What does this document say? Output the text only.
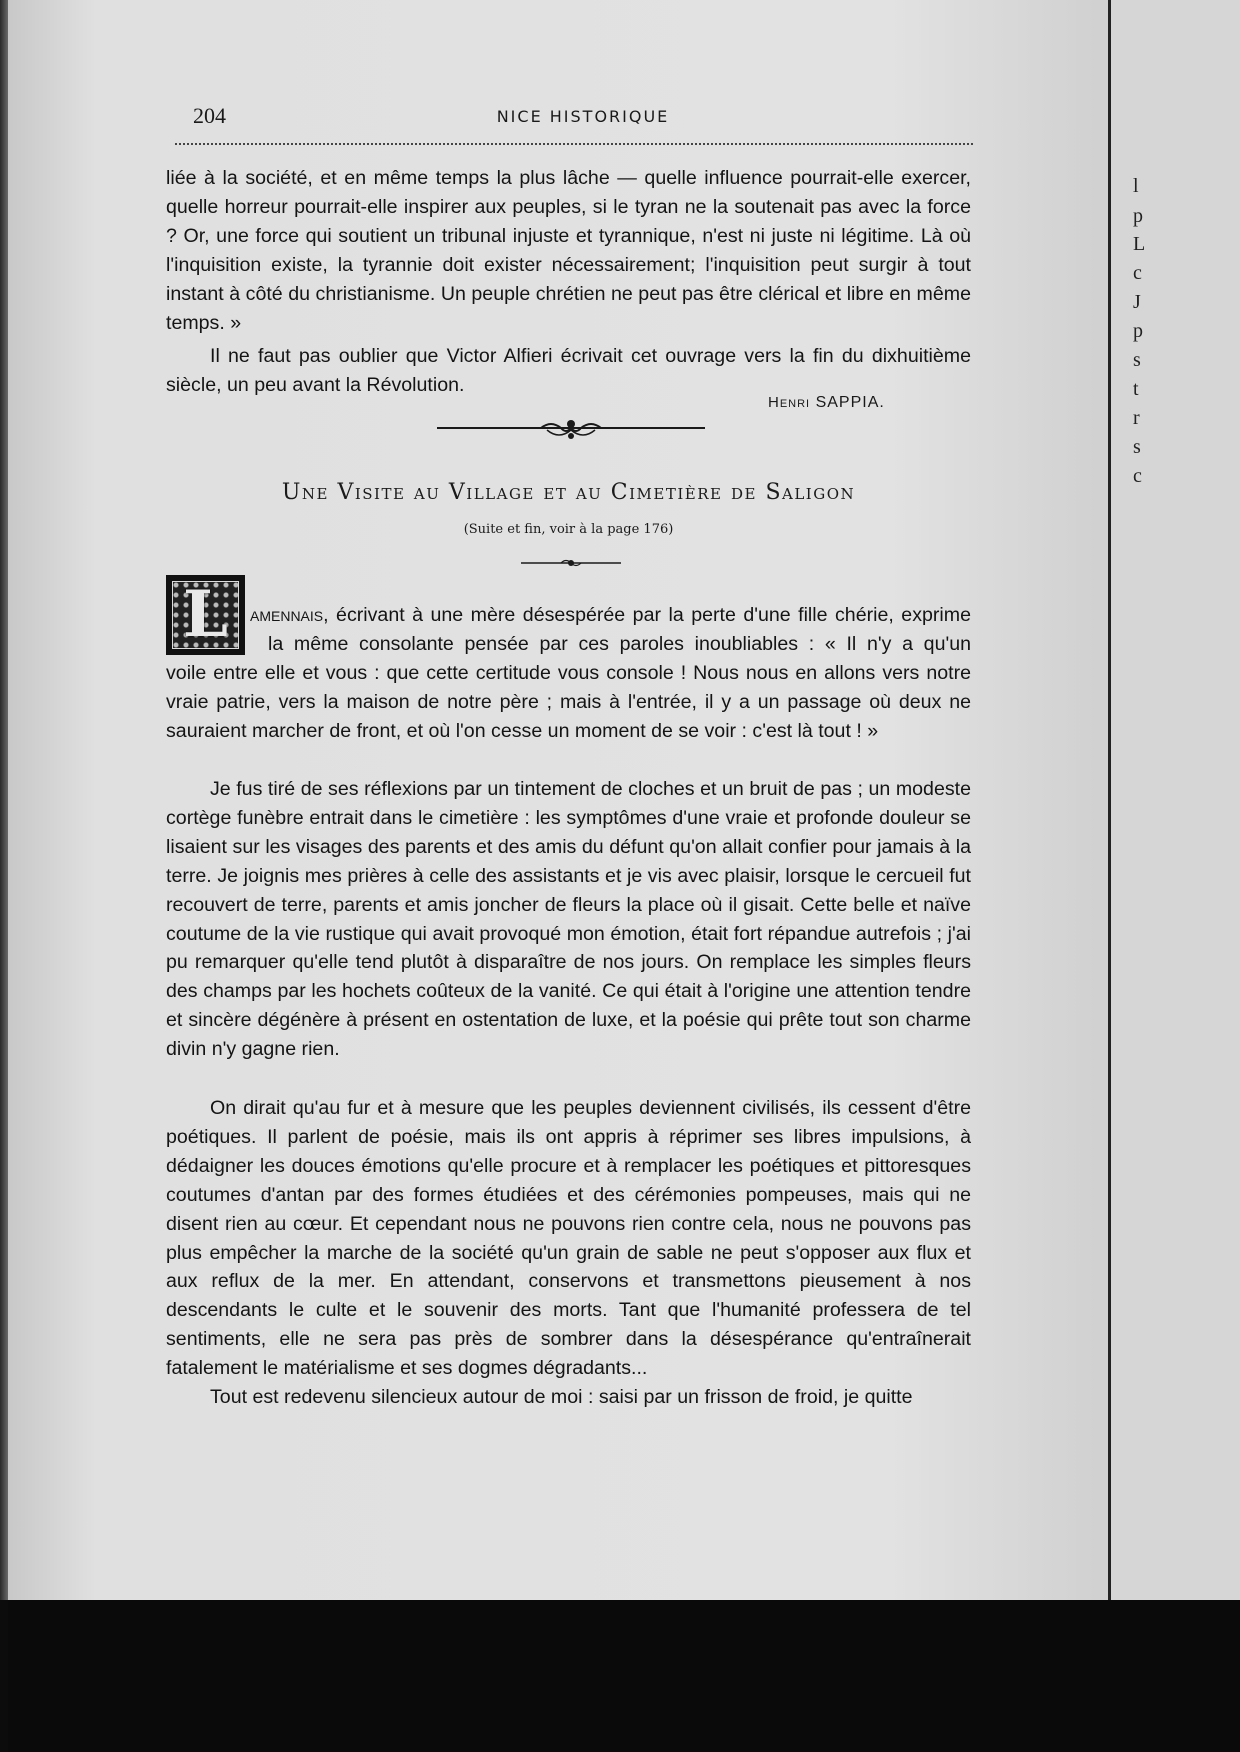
l
p
L
c
J
p
s
t
r
s
c
204	NICE HISTORIQUE

liée à la société, et en même temps la plus lâche — quelle influence pourrait-elle exercer, quelle horreur pourrait-elle inspirer aux peuples, si le tyran ne la soutenait pas avec la force ? Or, une force qui soutient un tribunal injuste et tyrannique, n'est ni juste ni légitime. Là où l'inquisition existe, la tyrannie doit exister nécessairement; l'inquisition peut surgir à tout instant à côté du christianisme. Un peuple chrétien ne peut pas être clérical et libre en même temps. »

Il ne faut pas oublier que Victor Alfieri écrivait cet ouvrage vers la fin du dixhuitième siècle, un peu avant la Révolution.

Henri SAPPIA.
Une Visite au Village et au Cimetière de Saligon
(Suite et fin, voir à la page 176)
L	amennais, écrivant à une mère désespérée par la perte d'une fille chérie, exprime

la même consolante pensée par ces paroles inoubliables : « Il n'y a qu'un

voile entre elle et vous : que cette certitude vous console ! Nous nous en allons vers notre vraie patrie, vers la maison de notre père ; mais à l'entrée, il y a un passage où deux ne sauraient marcher de front, et où l'on cesse un moment de se voir : c'est là tout ! »

Je fus tiré de ses réflexions par un tintement de cloches et un bruit de pas ; un modeste cortège funèbre entrait dans le cimetière : les symptômes d'une vraie et profonde douleur se lisaient sur les visages des parents et des amis du défunt qu'on allait confier pour jamais à la terre. Je joignis mes prières à celle des assistants et je vis avec plaisir, lorsque le cercueil fut recouvert de terre, parents et amis joncher de fleurs la place où il gisait. Cette belle et naïve coutume de la vie rustique qui avait provoqué mon émotion, était fort répandue autrefois ; j'ai pu remarquer qu'elle tend plutôt à disparaître de nos jours. On remplace les simples fleurs des champs par les hochets coûteux de la vanité. Ce qui était à l'origine une attention tendre et sincère dégénère à présent en ostentation de luxe, et la poésie qui prête tout son charme divin n'y gagne rien.

On dirait qu'au fur et à mesure que les peuples deviennent civilisés, ils cessent d'être poétiques. Il parlent de poésie, mais ils ont appris à réprimer ses libres impulsions, à dédaigner les douces émotions qu'elle procure et à remplacer les poétiques et pittoresques coutumes d'antan par des formes étudiées et des cérémonies pompeuses, mais qui ne disent rien au cœur. Et cependant nous ne pouvons rien contre cela, nous ne pouvons pas plus empêcher la marche de la société qu'un grain de sable ne peut s'opposer aux flux et aux reflux de la mer. En attendant, conservons et transmettons pieusement à nos descendants le culte et le souvenir des morts. Tant que l'humanité professera de tel sentiments, elle ne sera pas près de sombrer dans la désespérance qu'entraînerait fatalement le matérialisme et ses dogmes dégradants...

Tout est redevenu silencieux autour de moi : saisi par un frisson de froid, je quitte
